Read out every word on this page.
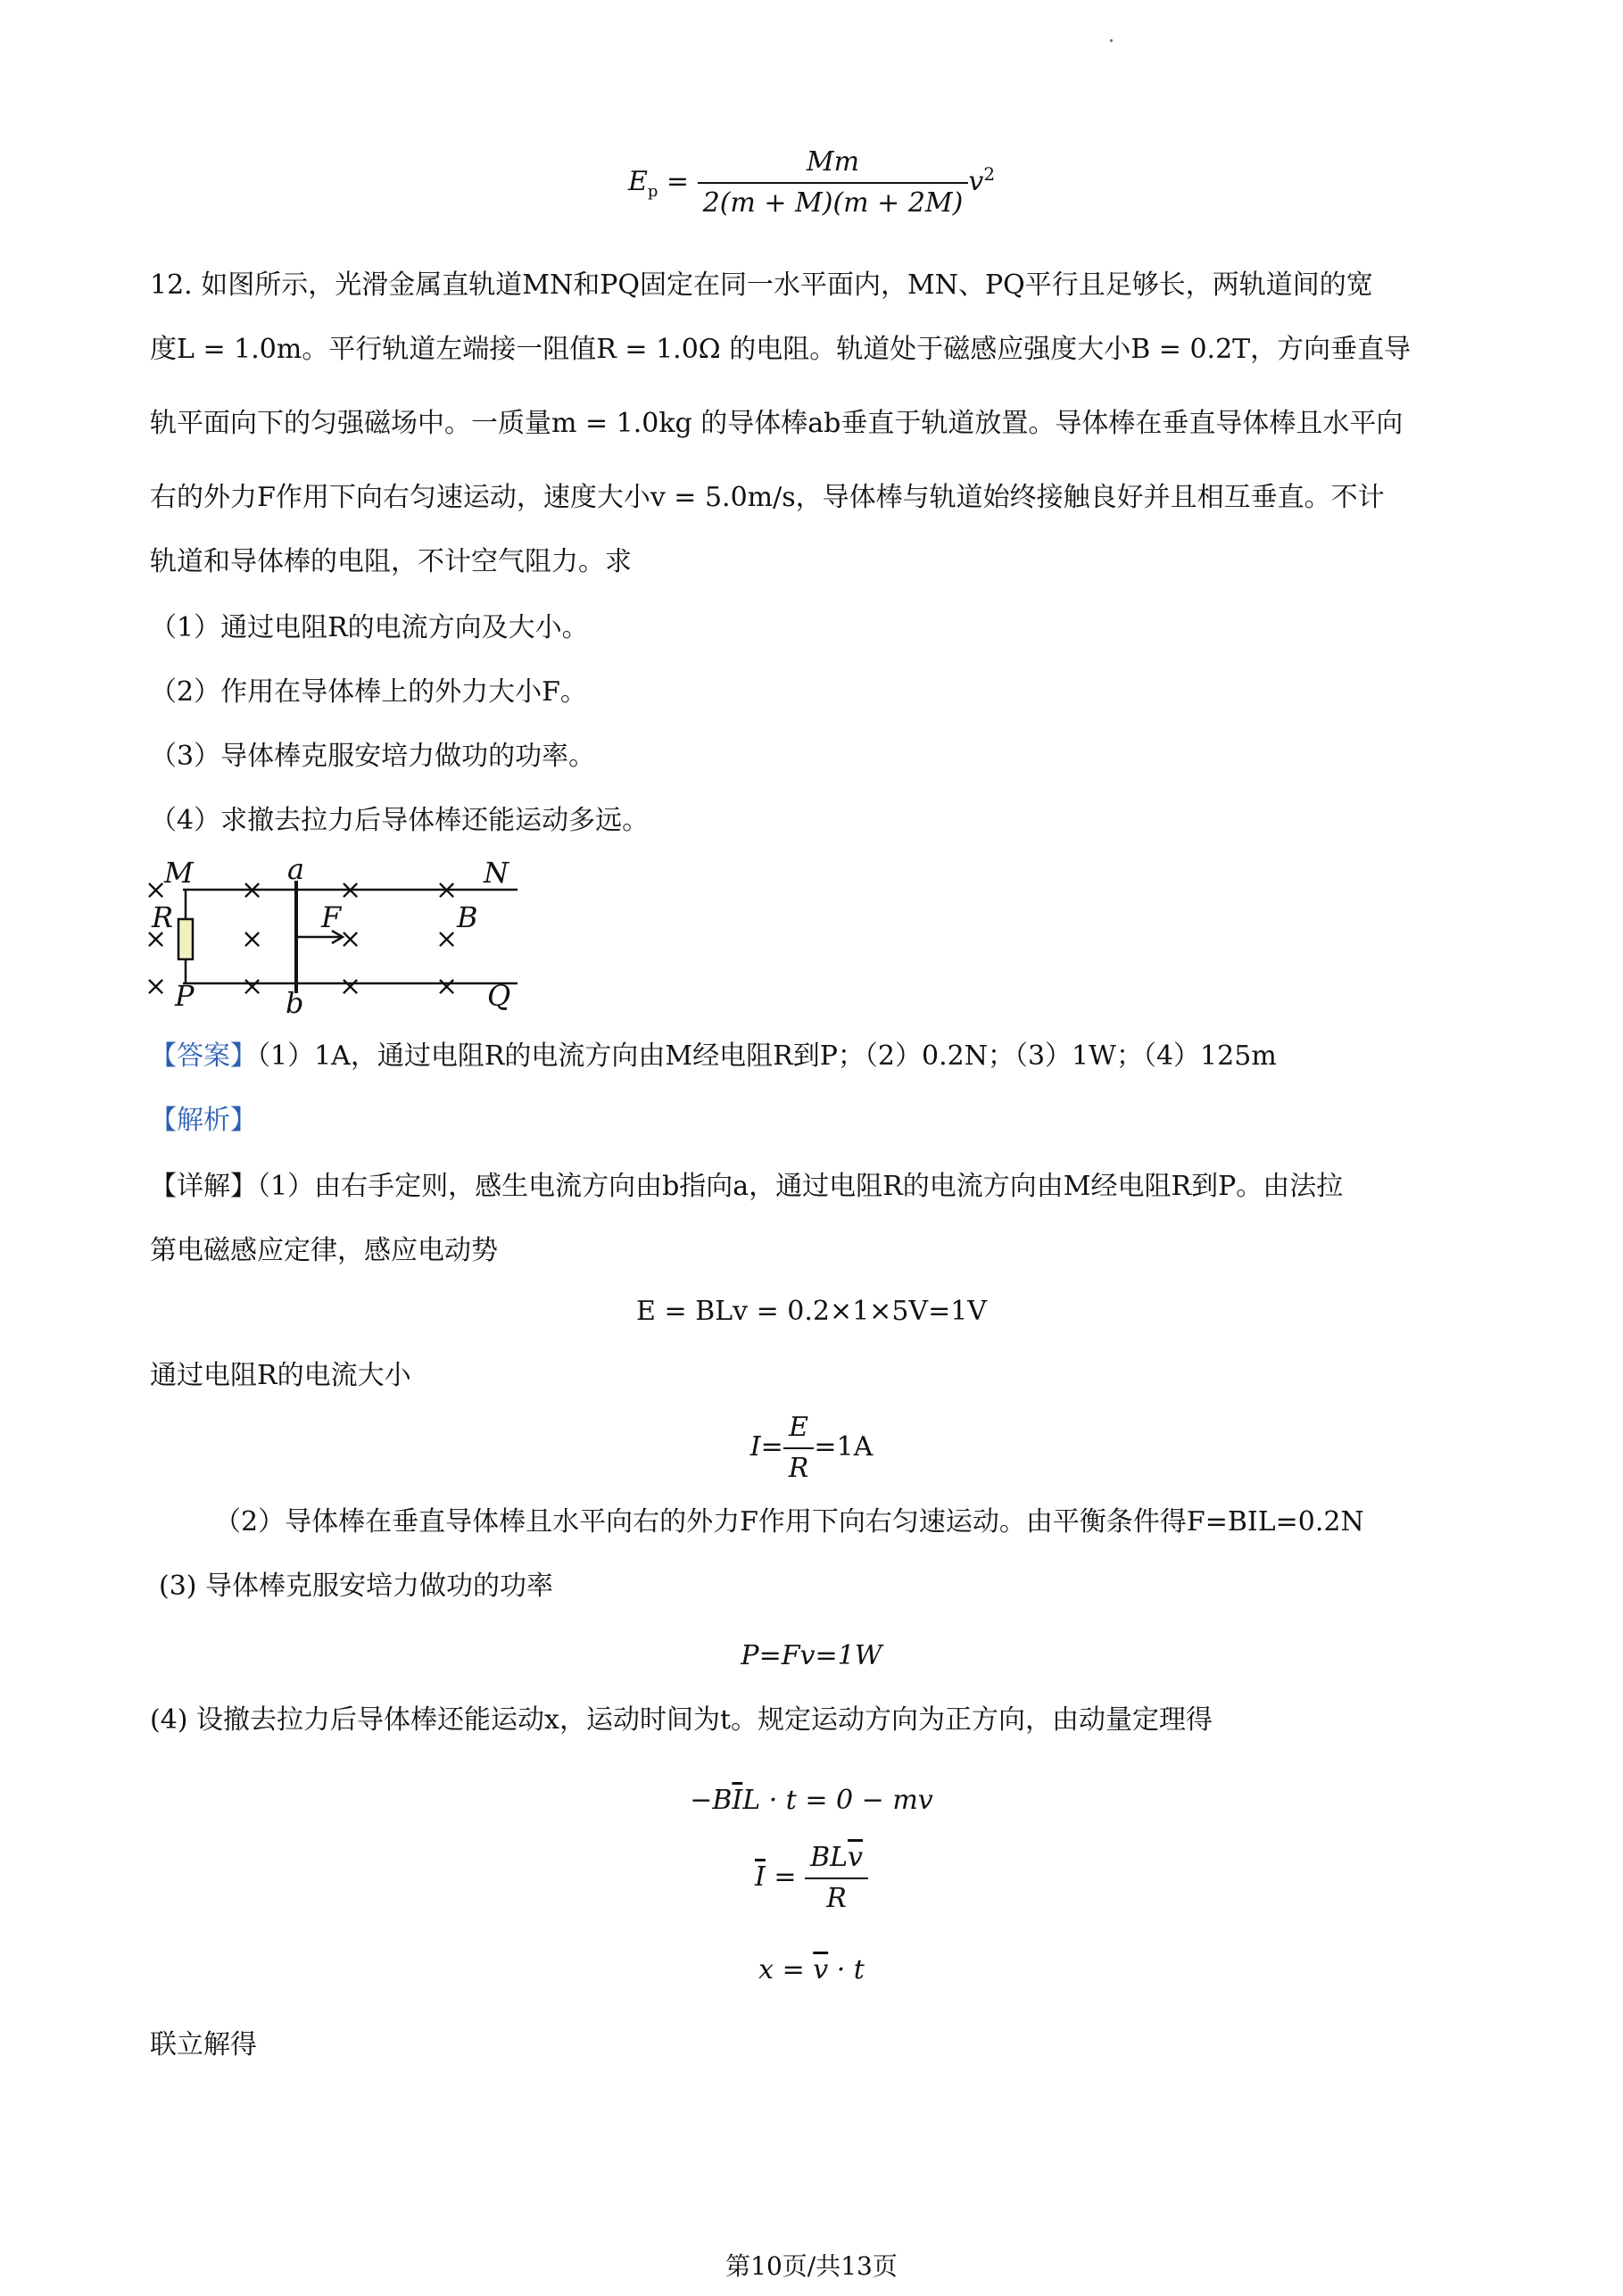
$E_p = \frac{Mm}{2(m + M)(m + 2M)} v^2$
12. 如图所示，光滑金属直轨道MN和PQ固定在同一水平面内，MN、PQ平行且足够长，两轨道间的宽
度L = 1.0m。平行轨道左端接一阻值R = 1.0Ω 的电阻。轨道处于磁感应强度大小B = 0.2T，方向垂直导
轨平面向下的匀强磁场中。一质量m = 1.0kg 的导体棒ab垂直于轨道放置。导体棒在垂直导体棒且水平向
右的外力F作用下向右匀速运动，速度大小v = 5.0m/s，导体棒与轨道始终接触良好并且相互垂直。不计
轨道和导体棒的电阻，不计空气阻力。求
（1）通过电阻R的电流方向及大小。
（2）作用在导体棒上的外力大小F。
（3）导体棒克服安培力做功的功率。
（4）求撤去拉力后导体棒还能运动多远。
×	×	×	×
×	×	×	×
×	×	×	×
M	a	N
R	F	B
P	b	Q
【答案】（1）1A，通过电阻R的电流方向由M经电阻R到P；（2）0.2N；（3）1W；（4）125m
【解析】
【详解】（1）由右手定则，感生电流方向由b指向a，通过电阻R的电流方向由M经电阻R到P。由法拉
第电磁感应定律，感应电动势
E = BLv = 0.2×1×5V=1V
通过电阻R的电流大小
$I= \frac{E}{R} =1A$
（2）导体棒在垂直导体棒且水平向右的外力F作用下向右匀速运动。由平衡条件得F=BIL=0.2N
(3) 导体棒克服安培力做功的功率
P=Fv=1W
(4) 设撤去拉力后导体棒还能运动x，运动时间为t。规定运动方向为正方向，由动量定理得
$-B\overline{I}L \cdot t = 0$ − mv
$\overline{I} = \frac{BL\overline{v}}{R}$
$x = \overline{v} \cdot t$
联立解得
第10页/共13页
